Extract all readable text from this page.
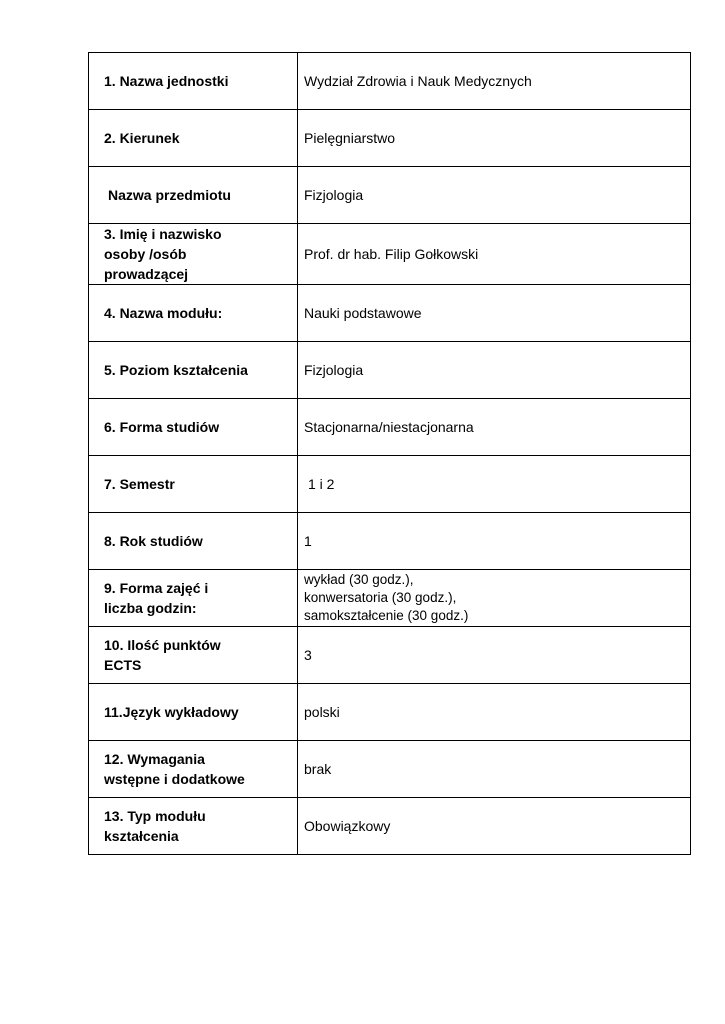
1. Nazwa jednostki	Wydział Zdrowia i Nauk Medycznych
2. Kierunek	Pielęgniarstwo
Nazwa przedmiotu	Fizjologia

3. Imię i nazwisko
osoby /osób
prowadzącej	Prof. dr hab. Filip Gołkowski
4. Nazwa modułu:	Nauki podstawowe
5. Poziom kształcenia	Fizjologia
6. Forma studiów	Stacjonarna/niestacjonarna
7. Semestr	1 i 2
8. Rok studiów	1

9. Forma zajęć i
liczba godzin:	wykład (30 godz.),
konwersatoria (30 godz.),
samokształcenie (30 godz.)

10. Ilość punktów
ECTS	3
11.Język wykładowy	polski

12. Wymagania
wstępne i dodatkowe	brak

13. Typ modułu
kształcenia	Obowiązkowy
